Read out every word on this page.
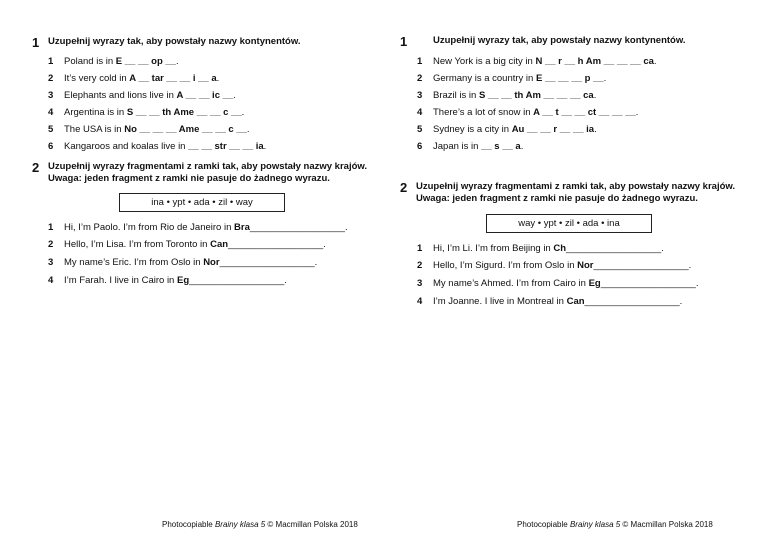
1 Uzupełnij wyrazy tak, aby powstały nazwy kontynentów.
1	Poland is in
E __ __ op __ .
2	It’s very cold in
A __ tar __ __ i __ a .
3	Elephants and lions live in
A __ __ ic __ .
4	Argentina is in
S __ __ th Ame __ __ c __ .
5	The USA is in
No __ __ __ Ame __ __ c __ .
6	Kangaroos and koalas live in
__ __ str __ __ ia .
2 Uzupełnij wyrazy fragmentami z ramki tak, aby powstały nazwy krajów.
Uwaga: jeden fragment z ramki nie pasuje do żadnego wyrazu.
ina • ypt • ada • zil • way
1	Hi, I’m Paolo. I’m from Rio de Janeiro in
Bra __________________.
2	Hello, I’m Lisa. I’m from Toronto in
Can __________________.
3	My name’s Eric. I’m from Oslo in
Nor __________________.
4	I’m Farah. I live in Cairo in
Eg __________________.
Photocopiable Brainy klasa 5 © Macmillan Polska 2018
1	Uzupełnij wyrazy tak, aby powstały nazwy kontynentów.
1	New York is a big city in
N __ r __ h Am __ __ __ ca .
2	Germany is a country in
E __ __ __ p __ .
3	Brazil is in
S __ __ th Am __ __ __ ca .
4	There’s a lot of snow in
A __ t __ __ ct __ __ __ .
5	Sydney is a city in
Au __ __ r __ __ ia .
6	Japan is in
__ s __ a .
2 Uzupełnij wyrazy fragmentami z ramki tak, aby powstały nazwy krajów.
Uwaga: jeden fragment z ramki nie pasuje do żadnego wyrazu.
way • ypt • zil • ada • ina
1	Hi, I’m Li. I’m from Beijing in
Ch __________________.
2	Hello, I’m Sigurd. I’m from Oslo in
Nor __________________.
3	My name’s Ahmed. I’m from Cairo in
Eg __________________.
4	I’m Joanne. I live in Montreal in
Can __________________.
Photocopiable Brainy klasa 5 © Macmillan Polska 2018
